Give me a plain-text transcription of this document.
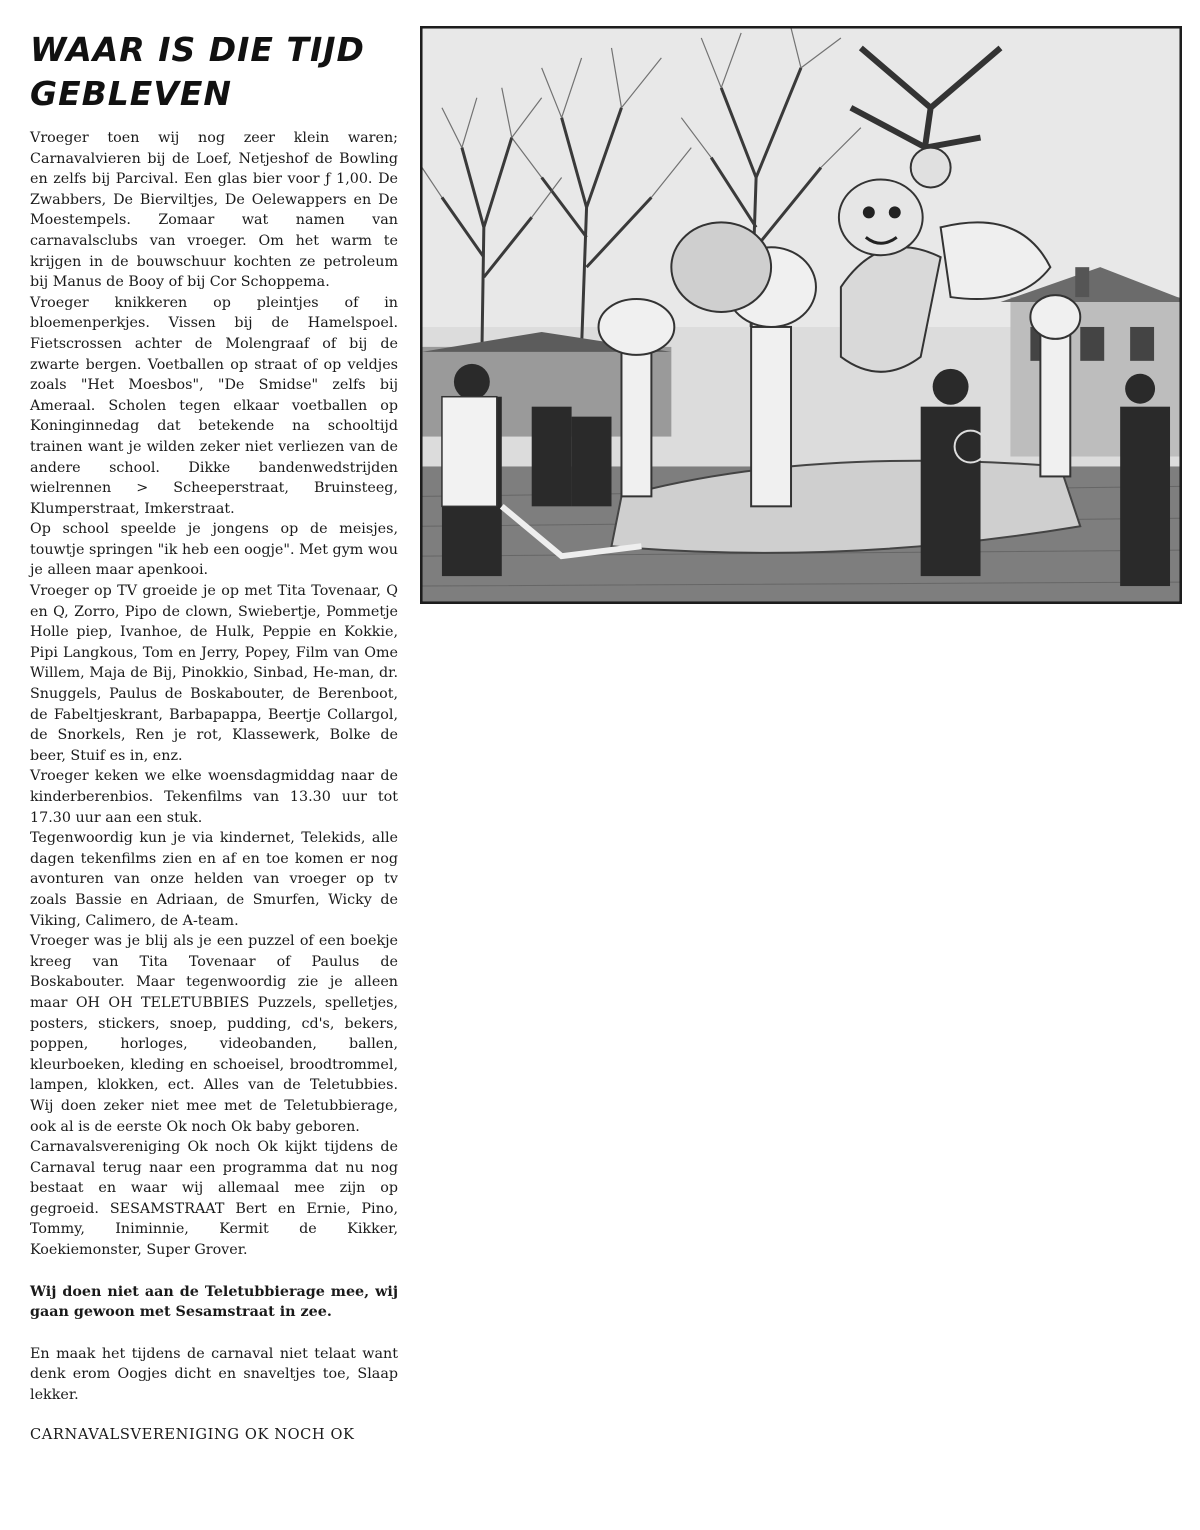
WAAR IS DIE TIJD GEBLEVEN

Vroeger toen wij nog zeer klein waren; Carnavalvieren bij de Loef, Netjeshof de Bowling en zelfs bij Parcival. Een glas bier voor ƒ 1,00. De Zwabbers, De Bierviltjes, De Oelewappers en De Moestempels. Zomaar wat namen van carnavalsclubs van vroeger. Om het warm te krijgen in de bouwschuur kochten ze petroleum bij Manus de Booy of bij Cor Schoppema.

Vroeger knikkeren op pleintjes of in bloemenperkjes. Vissen bij de Hamelspoel. Fietscrossen achter de Molengraaf of bij de zwarte bergen. Voetballen op straat of op veldjes zoals "Het Moesbos", "De Smidse" zelfs bij Ameraal. Scholen tegen elkaar voetballen op Koninginnedag dat betekende na schooltijd trainen want je wilden zeker niet verliezen van de andere school. Dikke bandenwedstrijden wielrennen > Scheeperstraat, Bruinsteeg, Klumperstraat, Imkerstraat.

Op school speelde je jongens op de meisjes, touwtje springen "ik heb een oogje". Met gym wou je alleen maar apenkooi.

Vroeger op TV groeide je op met Tita Tovenaar, Q en Q, Zorro, Pipo de clown, Swiebertje, Pommetje Holle piep, Ivanhoe, de Hulk, Peppie en Kokkie, Pipi Langkous, Tom en Jerry, Popey, Film van Ome Willem, Maja de Bij, Pinokkio, Sinbad, He-man, dr. Snuggels, Paulus de Boskabouter, de Berenboot, de Fabeltjeskrant, Barbapappa, Beertje Collargol, de Snorkels, Ren je rot, Klassewerk, Bolke de beer, Stuif es in, enz.

Vroeger keken we elke woensdagmiddag naar de kinderberenbios. Tekenfilms van 13.30 uur tot 17.30 uur aan een stuk.

Tegenwoordig kun je via kindernet, Telekids, alle dagen tekenfilms zien en af en toe komen er nog avonturen van onze helden van vroeger op tv zoals Bassie en Adriaan, de Smurfen, Wicky de Viking, Calimero, de A-team.

Vroeger was je blij als je een puzzel of een boekje kreeg van Tita Tovenaar of Paulus de Boskabouter. Maar tegenwoordig zie je alleen maar OH OH TELETUBBIES Puzzels, spelletjes, posters, stickers, snoep, pudding, cd's, bekers, poppen, horloges, videobanden, ballen, kleurboeken, kleding en schoeisel, broodtrommel, lampen, klokken, ect. Alles van de Teletubbies. Wij doen zeker niet mee met de Teletubbierage, ook al is de eerste Ok noch Ok baby geboren.

Carnavalsvereniging Ok noch Ok kijkt tijdens de Carnaval terug naar een programma dat nu nog bestaat en waar wij allemaal mee zijn op gegroeid. SESAMSTRAAT Bert en Ernie, Pino, Tommy, Iniminnie, Kermit de Kikker, Koekiemonster, Super Grover.

Wij doen niet aan de Teletubbierage mee, wij gaan gewoon met Sesamstraat in zee.

En maak het tijdens de carnaval niet telaat want denk erom Oogjes dicht en snaveltjes toe, Slaap lekker.

CARNAVALSVERENIGING OK NOCH OK
